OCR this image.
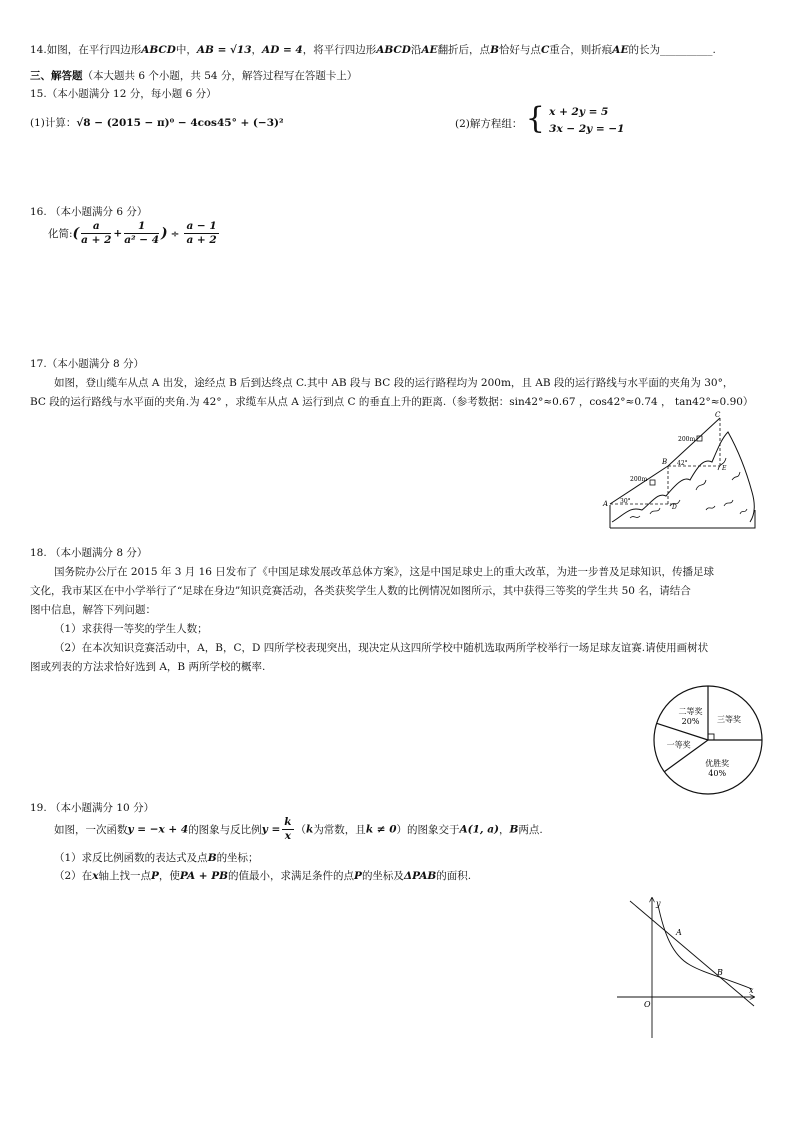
14.如图，在平行四边形ABCD中，AB = √13，AD = 4，将平行四边形ABCD沿AE翻折后，点B恰好与点C重合，则折痕AE的长为__________.
三、解答题（本大题共 6 个小题，共 54 分，解答过程写在答题卡上）
15.（本小题满分 12 分，每小题 6 分）
(1)计算：√8 − (2015 − π)⁰ − 4cos45° + (−3)²	(2)解方程组： { x + 2y = 5
3x − 2y = −1
16. （本小题满分 6 分）
化简:( $\frac{a}{a + 2} + \frac{1}{\text{a² − 4}}$ ) ÷ $\frac{a - 1}{a + 2}$
17.（本小题满分 8 分）
如图，登山缆车从点 A 出发，途经点 B 后到达终点 C.其中 AB 段与 BC 段的运行路程均为 200m，且 AB 段的运行路线与水平面的夹角为 30°，
BC 段的运行路线与水平面的夹角.为 42° ，求缆车从点 A 运行到点 C 的垂直上升的距离.（参考数据：sin42°≈0.67 ，cos42°≈0.74 ， tan42°≈0.90）
A
B
C
D
E
200m
200m
30°
42°
18. （本小题满分 8 分）
国务院办公厅在 2015 年 3 月 16 日发布了《中国足球发展改革总体方案》，这是中国足球史上的重大改革，为进一步普及足球知识，传播足球
文化，我市某区在中小学举行了“足球在身边”知识竞赛活动，各类获奖学生人数的比例情况如图所示，其中获得三等奖的学生共 50 名，请结合
图中信息，解答下列问题：
（1）求获得一等奖的学生人数；
（2）在本次知识竞赛活动中，A，B，C，D 四所学校表现突出，现决定从这四所学校中随机选取两所学校举行一场足球友谊赛.请使用画树状
图或列表的方法求恰好选到 A，B 两所学校的概率.
三等奖
优胜奖 40%
一等奖
二等奖 20%
19. （本小题满分 10 分）
如图，一次函数y = −x + 4的图象与反比例$y = \frac{k}{x} (k$为常数，且k ≠ 0）的图象交于A(1, a)，B两点.
（1）求反比例函数的表达式及点B的坐标；
（2）在x轴上找一点P，使PA + PB的值最小，求满足条件的点P的坐标及ΔPAB的面积.
y
x
O
A
B
